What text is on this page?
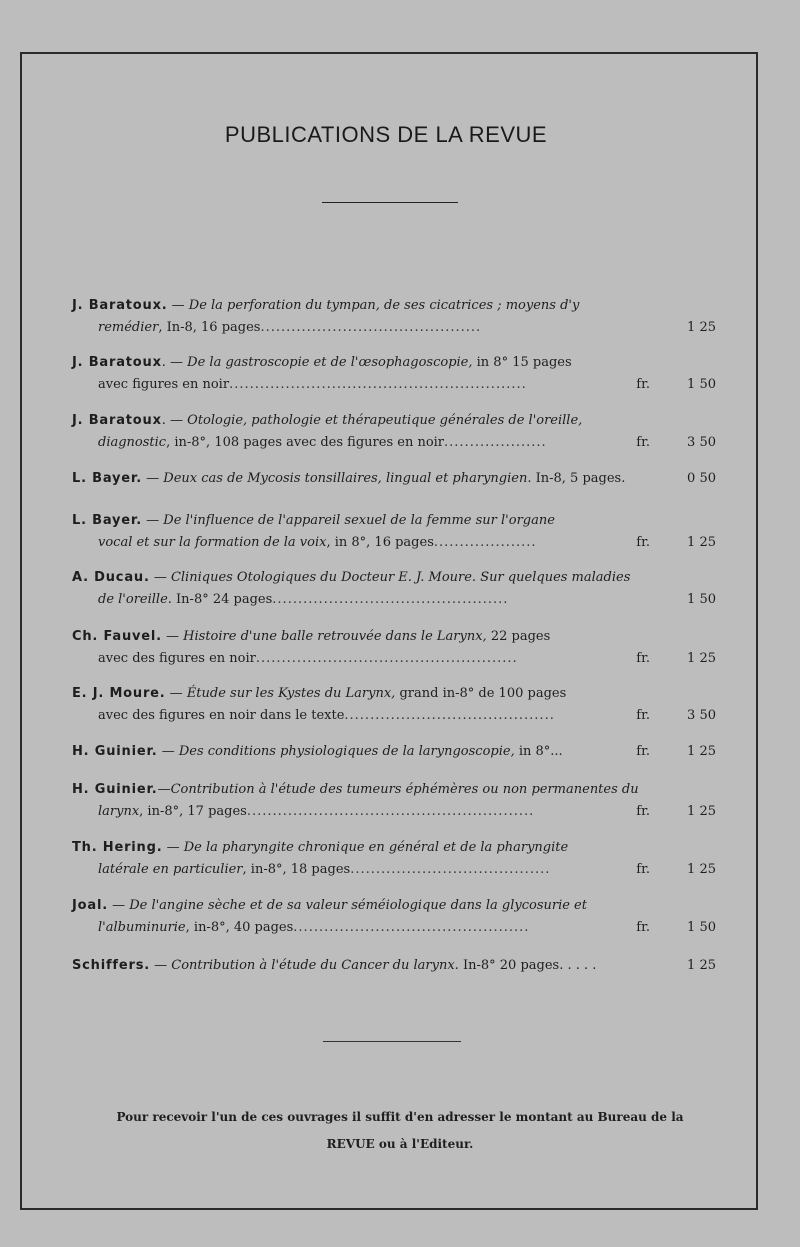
PUBLICATIONS DE LA REVUE
J. Baratoux. — De la perforation du tympan, de ses cicatrices ; moyens d'y
remédier, In-8, 16 pages...........................................	1 25
J. Baratoux. — De la gastroscopie et de l'œsophagoscopie, in 8° 15 pages
avec figures en noir..........................................................	fr.	1 50
J. Baratoux. — Otologie, pathologie et thérapeutique générales de l'oreille,
diagnostic, in-8°, 108 pages avec des figures en noir....................	fr.	3 50
L. Bayer. — Deux cas de Mycosis tonsillaires, lingual et pharyngien. In-8, 5 pages.	0 50
L. Bayer. — De l'influence de l'appareil sexuel de la femme sur l'organe
vocal et sur la formation de la voix, in 8°, 16 pages....................	fr.	1 25
A. Ducau. — Cliniques Otologiques du Docteur E. J. Moure. Sur quelques maladies
de l'oreille. In-8° 24 pages..............................................	1 50
Ch. Fauvel. — Histoire d'une balle retrouvée dans le Larynx, 22 pages
avec des figures en noir...................................................	fr.	1 25
E. J. Moure. — Étude sur les Kystes du Larynx, grand in-8° de 100 pages
avec des figures en noir dans le texte.........................................	fr.	3 50
H. Guinier. — Des conditions physiologiques de la laryngoscopie, in 8°...	fr.	1 25
H. Guinier.—Contribution à l'étude des tumeurs éphémères ou non permanentes du
larynx, in-8°, 17 pages........................................................	fr.	1 25
Th. Hering. — De la pharyngite chronique en général et de la pharyngite
latérale en particulier, in-8°, 18 pages.......................................	fr.	1 25
Joal. — De l'angine sèche et de sa valeur séméiologique dans la glycosurie et
l'albuminurie, in-8°, 40 pages..............................................	fr.	1 50
Schiffers. — Contribution à l'étude du Cancer du larynx. In-8° 20 pages. . . . .	1 25
Pour recevoir l'un de ces ouvrages il suffit d'en adresser le montant au Bureau de la
REVUE ou à l'Editeur.
